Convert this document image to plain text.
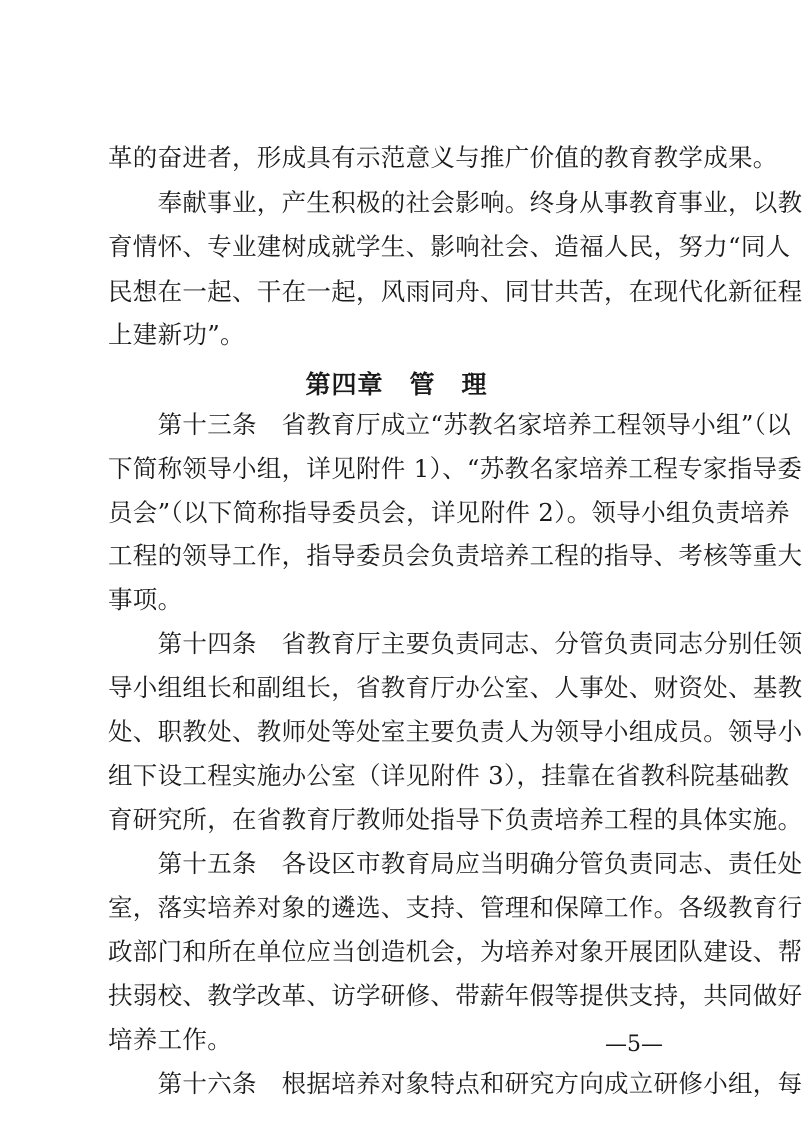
革的奋进者，形成具有示范意义与推广价值的教育教学成果。
　　奉献事业，产生积极的社会影响。终身从事教育事业，以教
育情怀、专业建树成就学生、影响社会、造福人民，努力“同人
民想在一起、干在一起，风雨同舟、同甘共苦，在现代化新征程
上建新功”。
第四章　管　理
　　第十三条　省教育厅成立“苏教名家培养工程领导小组”（以
下简称领导小组，详见附件 1）、“苏教名家培养工程专家指导委
员会”（以下简称指导委员会，详见附件 2）。领导小组负责培养
工程的领导工作，指导委员会负责培养工程的指导、考核等重大
事项。
　　第十四条　省教育厅主要负责同志、分管负责同志分别任领
导小组组长和副组长，省教育厅办公室、人事处、财资处、基教
处、职教处、教师处等处室主要负责人为领导小组成员。领导小
组下设工程实施办公室（详见附件 3），挂靠在省教科院基础教
育研究所，在省教育厅教师处指导下负责培养工程的具体实施。
　　第十五条　各设区市教育局应当明确分管负责同志、责任处
室，落实培养对象的遴选、支持、管理和保障工作。各级教育行
政部门和所在单位应当创造机会，为培养对象开展团队建设、帮
扶弱校、教学改革、访学研修、带薪年假等提供支持，共同做好
培养工作。
　　第十六条　根据培养对象特点和研究方向成立研修小组，每
—5—
